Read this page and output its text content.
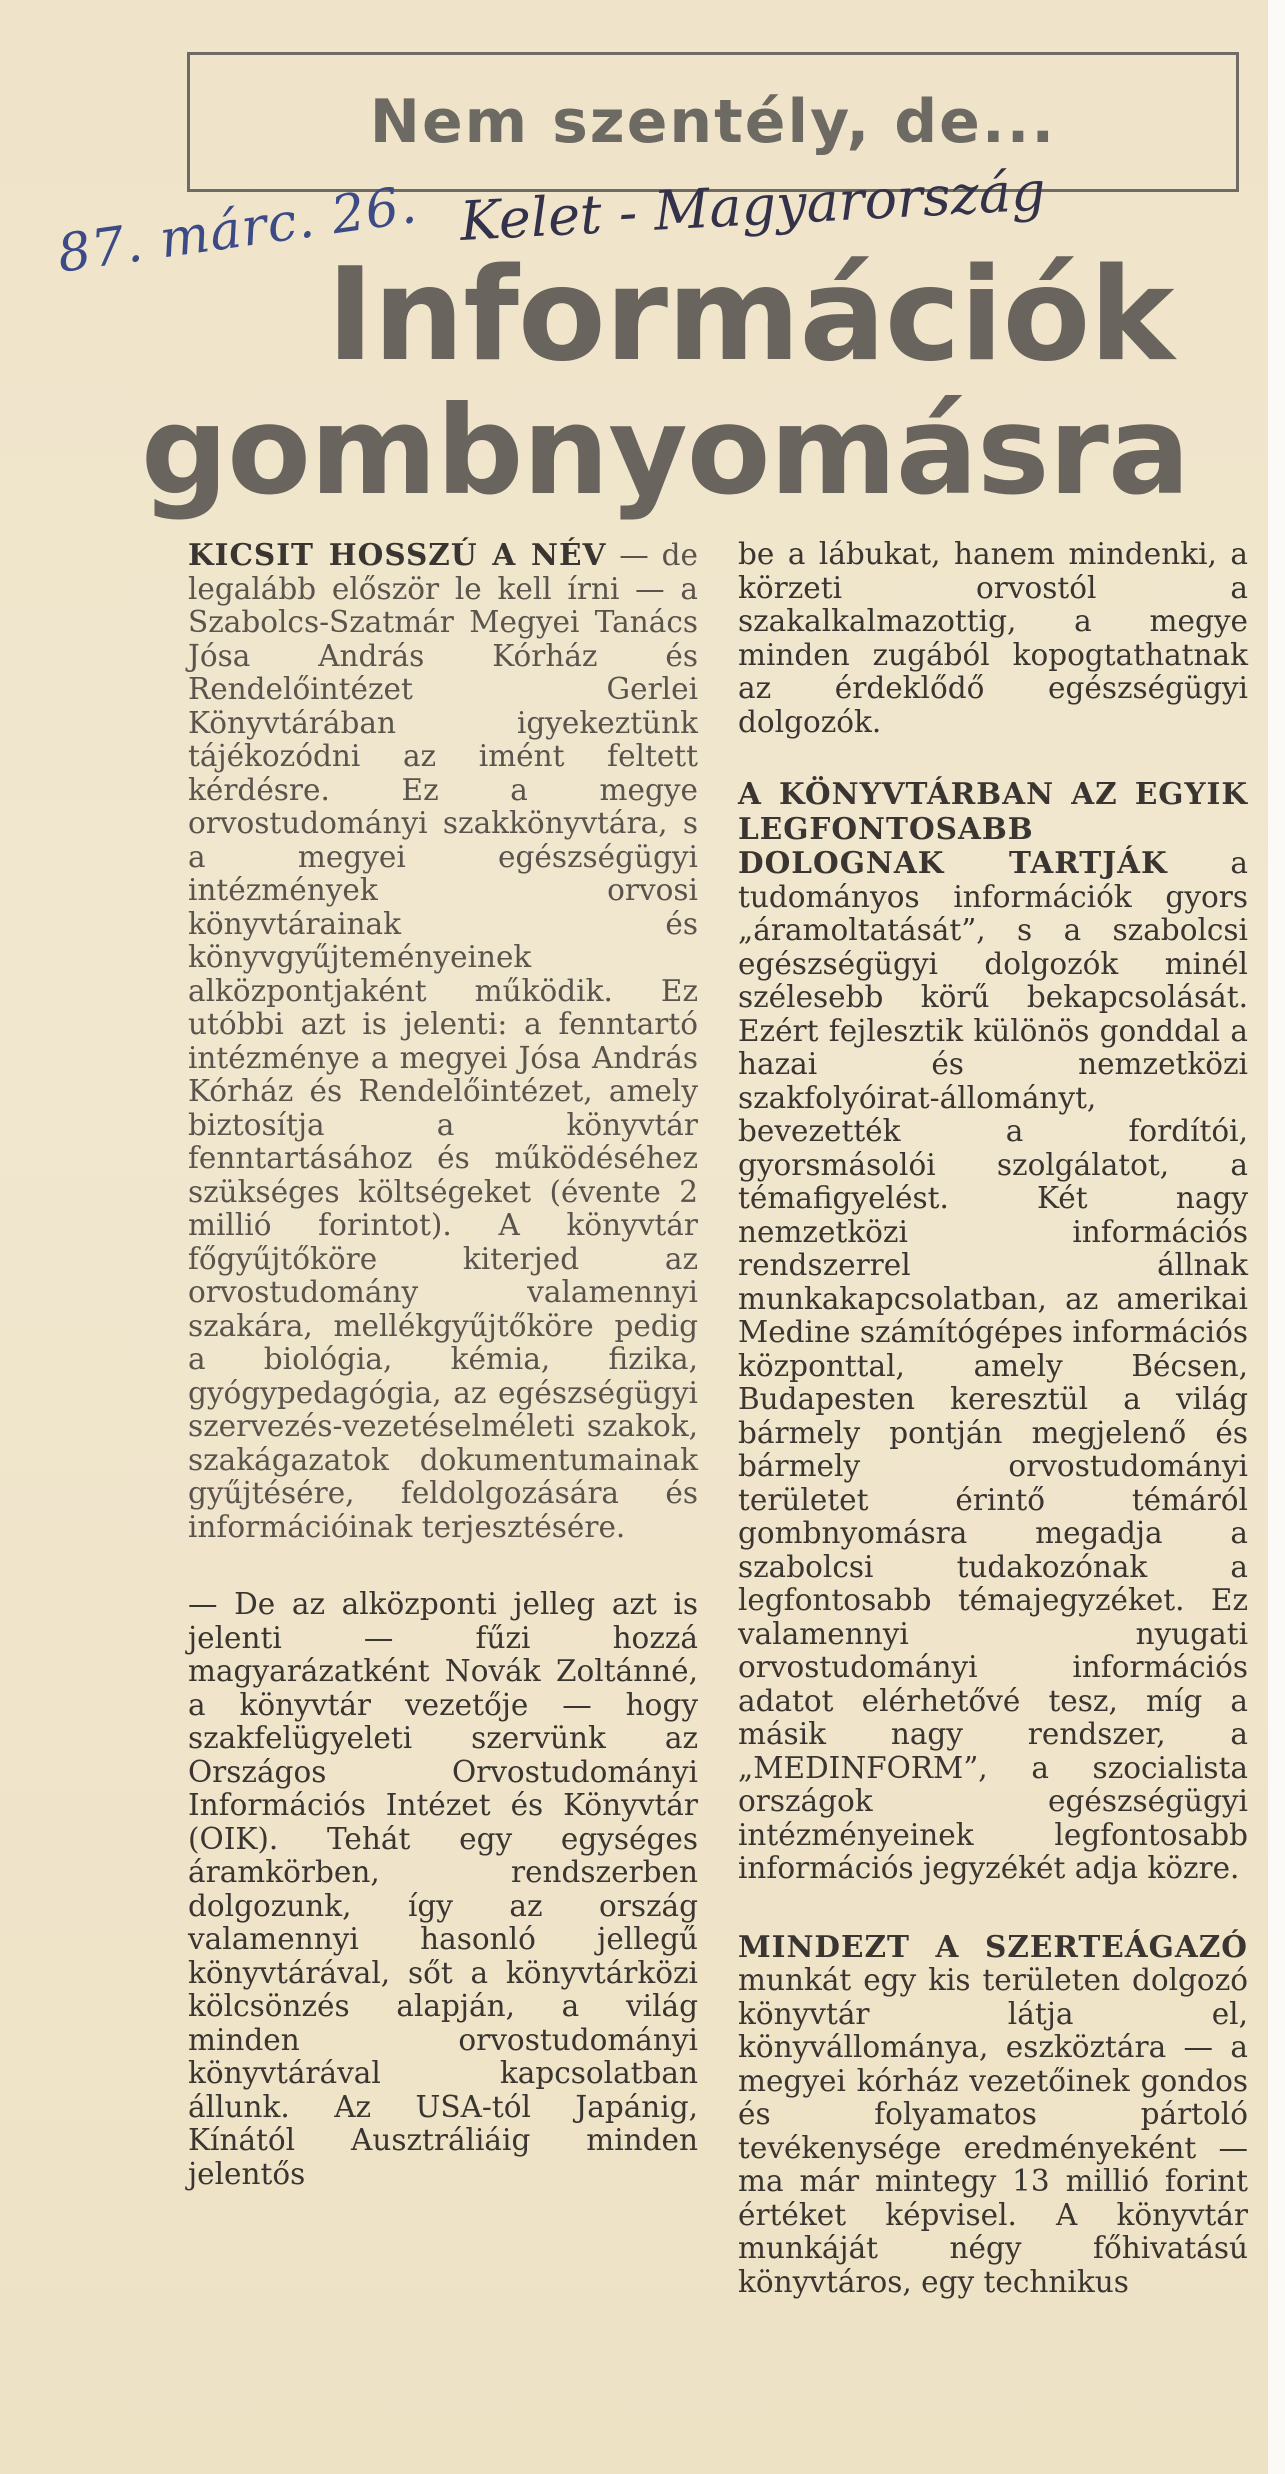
Nem szentély, de...
87. márc. 26. Kelet - Magyarország
Információk
gombnyomásra

KICSIT HOSSZÚ A NÉV — de legalább először le kell írni — a Szabolcs-Szatmár Megyei Tanács Jósa András Kórház és Rendelőintézet Gerlei Könyvtárában igyekeztünk tájékozódni az imént feltett kérdésre. Ez a megye orvostudományi szakkönyvtára, s a megyei egészségügyi intézmények orvosi könyvtárainak és könyvgyűjteményeinek alközpontjaként működik. Ez utóbbi azt is jelenti: a fenntartó intézménye a megyei Jósa András Kórház és Rendelőintézet, amely biztosítja a könyvtár fenntartásához és működéséhez szükséges költségeket (évente 2 millió forintot). A könyvtár főgyűjtőköre kiterjed az orvostudomány valamennyi szakára, mellékgyűjtőköre pedig a biológia, kémia, fizika, gyógypedagógia, az egészségügyi szervezés-vezetéselméleti szakok, szakágazatok dokumentumainak gyűjtésére, feldolgozására és információinak terjesztésére.

— De az alközponti jelleg azt is jelenti — fűzi hozzá magyarázatként Novák Zoltánné, a könyvtár vezetője — hogy szakfelügyeleti szervünk az Országos Orvostudományi Információs Intézet és Könyvtár (OIK). Tehát egy egységes áramkörben, rendszerben dolgozunk, így az ország valamennyi hasonló jellegű könyvtárával, sőt a könyvtárközi kölcsönzés alapján, a világ minden orvostudományi könyvtárával kapcsolatban állunk. Az USA-tól Japánig, Kínától Ausztráliáig minden jelentős

be a lábukat, hanem mindenki, a körzeti orvostól a szakalkalmazottig, a megye minden zugából kopogtathatnak az érdeklődő egészségügyi dolgozók.

A KÖNYVTÁRBAN AZ EGYIK LEGFONTOSABB DOLOGNAK TARTJÁK a tudományos információk gyors „áramoltatását”, s a szabolcsi egészségügyi dolgozók minél szélesebb körű bekapcsolását. Ezért fejlesztik különös gonddal a hazai és nemzetközi szakfolyóirat-állományt, bevezették a fordítói, gyorsmásolói szolgálatot, a témafigyelést. Két nagy nemzetközi információs rendszerrel állnak munkakapcsolatban, az amerikai Medine számítógépes információs központtal, amely Bécsen, Budapesten keresztül a világ bármely pontján megjelenő és bármely orvostudományi területet érintő témáról gombnyomásra megadja a szabolcsi tudakozónak a legfontosabb témajegyzéket. Ez valamennyi nyugati orvostudományi információs adatot elérhetővé tesz, míg a másik nagy rendszer, a „MEDINFORM”, a szocialista országok egészségügyi intézményeinek legfontosabb információs jegyzékét adja közre.

MINDEZT A SZERTEÁGAZÓ munkát egy kis területen dolgozó könyvtár látja el, könyvállománya, eszköztára — a megyei kórház vezetőinek gondos és folyamatos pártoló tevékenysége eredményeként — ma már mintegy 13 millió forint értéket képvisel. A könyvtár munkáját négy főhivatású könyvtáros, egy technikus
